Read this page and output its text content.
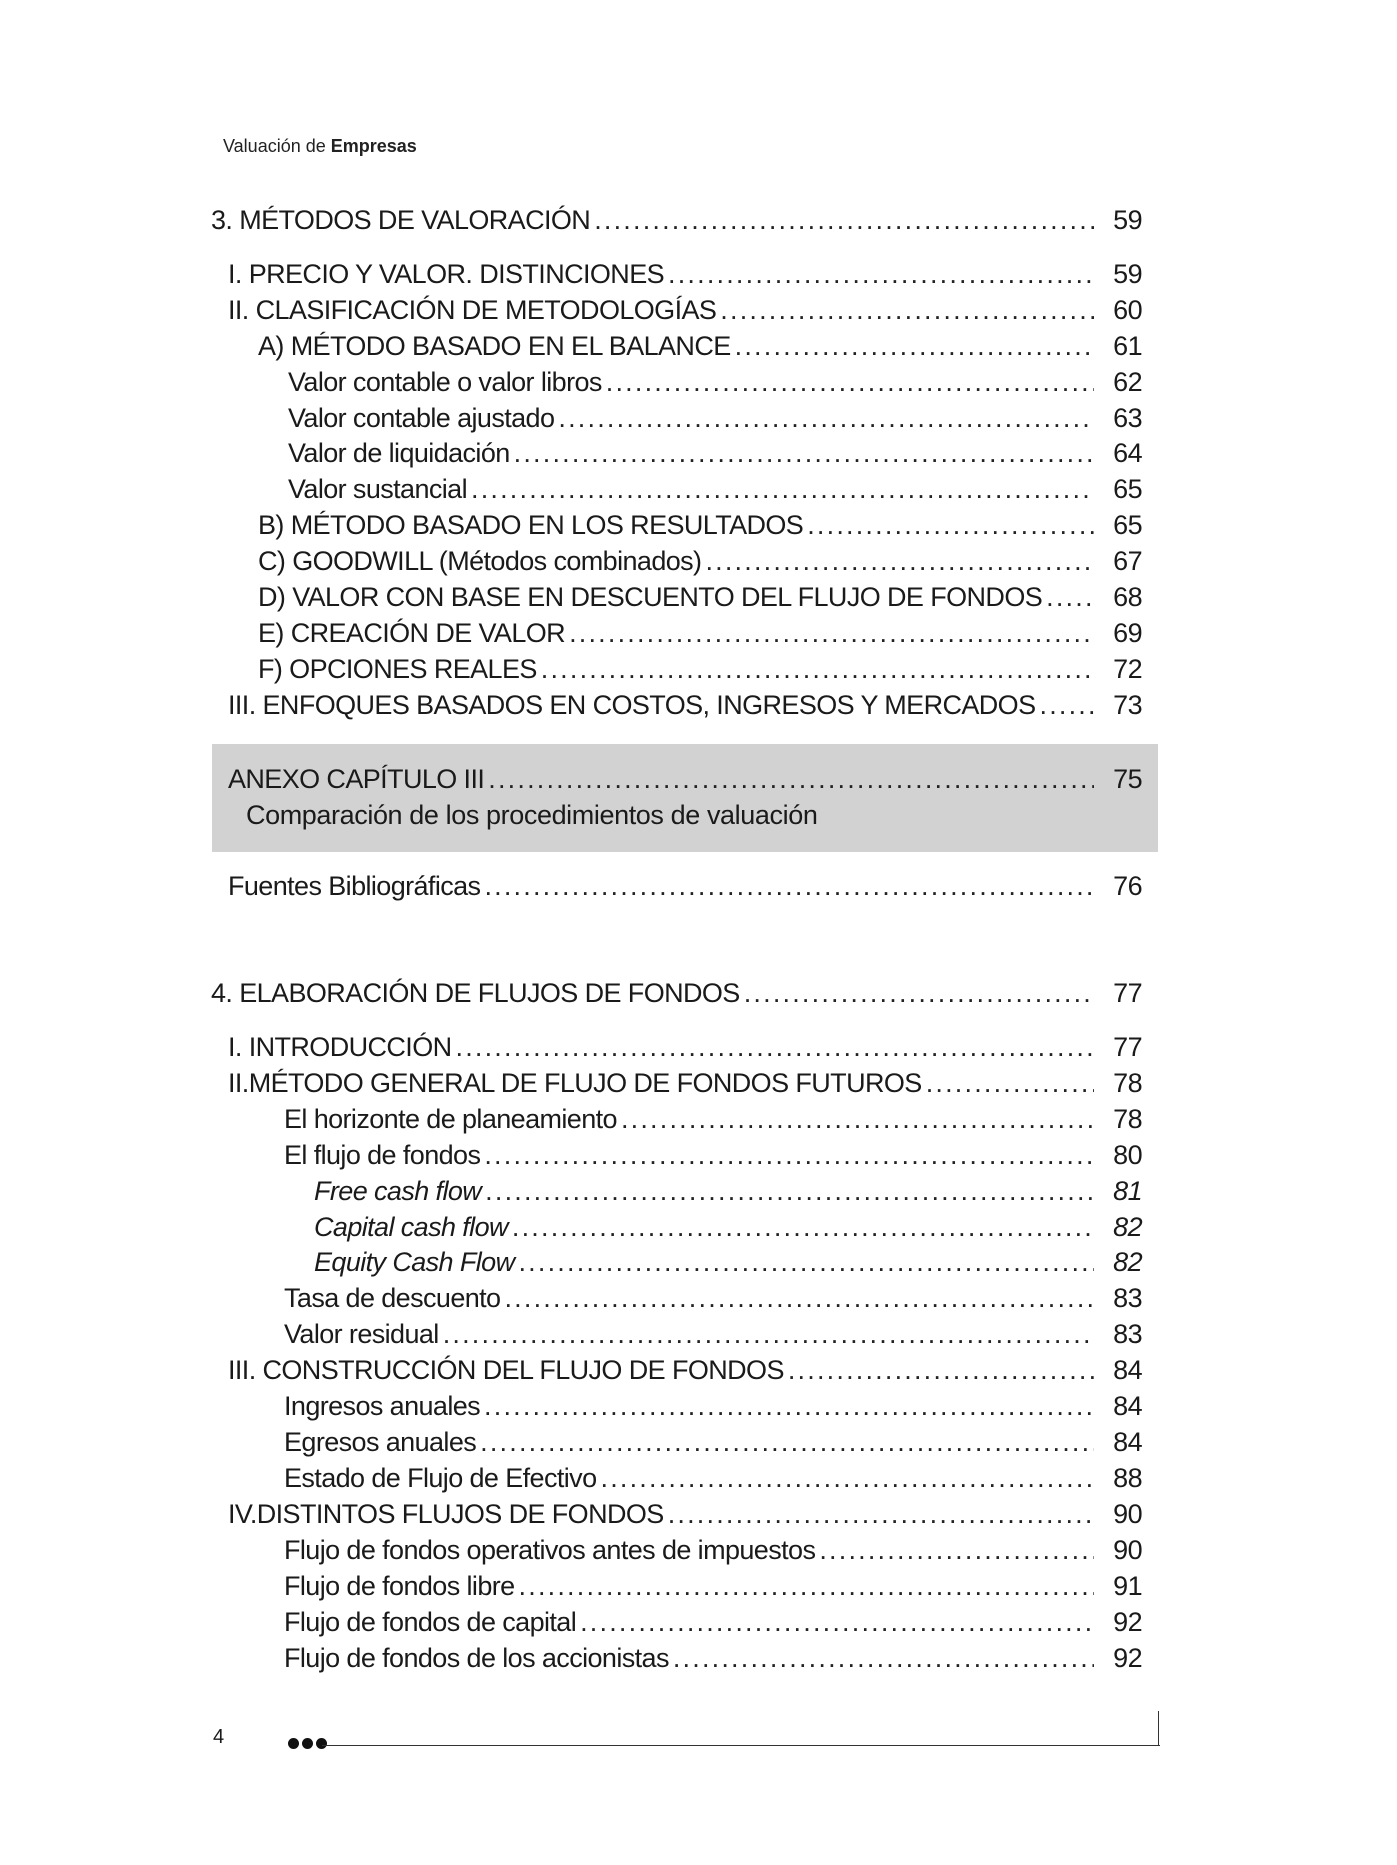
Valuación de Empresas
3. MÉTODOS DE VALORACIÓN .....	59
I. PRECIO Y VALOR. DISTINCIONES .....	59
II. CLASIFICACIÓN DE METODOLOGÍAS .....	60
A) MÉTODO BASADO EN EL BALANCE .....	61
Valor contable o valor libros .....	62
Valor contable ajustado .....	63
Valor de liquidación .....	64
Valor sustancial .....	65
B) MÉTODO BASADO EN LOS RESULTADOS .....	65
C) GOODWILL (Métodos combinados) .....	67
D) VALOR CON BASE EN DESCUENTO DEL FLUJO DE FONDOS .....	68
E) CREACIÓN DE VALOR .....	69
F) OPCIONES REALES .....	72
III. ENFOQUES BASADOS EN COSTOS, INGRESOS Y MERCADOS .....	73
ANEXO CAPÍTULO III .....	75
Comparación de los procedimientos de valuación
Fuentes Bibliográficas .....	76
4. ELABORACIÓN DE FLUJOS DE FONDOS .....	77
I. INTRODUCCIÓN .....	77
II.MÉTODO GENERAL DE FLUJO DE FONDOS FUTUROS .....	78
El horizonte de planeamiento .....	78
El flujo de fondos .....	80
Free cash flow .....	81
Capital cash flow .....	82
Equity Cash Flow .....	82
Tasa de descuento .....	83
Valor residual .....	83
III. CONSTRUCCIÓN DEL FLUJO DE FONDOS .....	84
Ingresos anuales .....	84
Egresos anuales .....	84
Estado de Flujo de Efectivo .....	88
IV.DISTINTOS FLUJOS DE FONDOS .....	90
Flujo de fondos operativos antes de impuestos .....	90
Flujo de fondos libre .....	91
Flujo de fondos de capital .....	92
Flujo de fondos de los accionistas .....	92
4
